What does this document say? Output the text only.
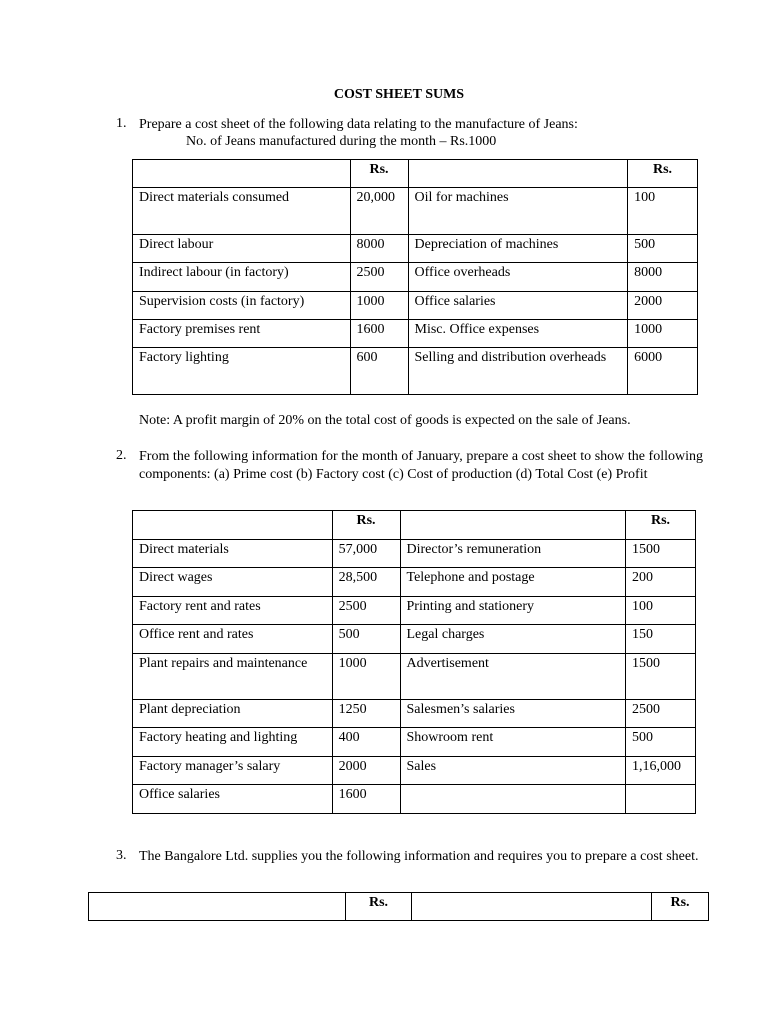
COST SHEET SUMS
1. Prepare a cost sheet of the following data relating to the manufacture of Jeans:
No. of Jeans manufactured during the month – Rs.1000
	Rs.		Rs.
Direct materials consumed	20,000	Oil for machines	100
Direct labour	8000	Depreciation of machines	500
Indirect labour (in factory)	2500	Office overheads	8000
Supervision costs (in factory)	1000	Office salaries	2000
Factory premises rent	1600	Misc. Office expenses	1000
Factory lighting	600	Selling and distribution overheads	6000
Note: A profit margin of 20% on the total cost of goods is expected on the sale of Jeans.
2. From the following information for the month of January, prepare a cost sheet to show the following components: (a) Prime cost (b) Factory cost (c) Cost of production (d) Total Cost (e) Profit
	Rs.		Rs.
Direct materials	57,000	Director’s remuneration	1500
Direct wages	28,500	Telephone and postage	200
Factory rent and rates	2500	Printing and stationery	100
Office rent and rates	500	Legal charges	150
Plant repairs and maintenance	1000	Advertisement	1500
Plant depreciation	1250	Salesmen’s salaries	2500
Factory heating and lighting	400	Showroom rent	500
Factory manager’s salary	2000	Sales	1,16,000
Office salaries	1600		
3. The Bangalore Ltd. supplies you the following information and requires you to prepare a cost sheet.
	Rs.		Rs.
